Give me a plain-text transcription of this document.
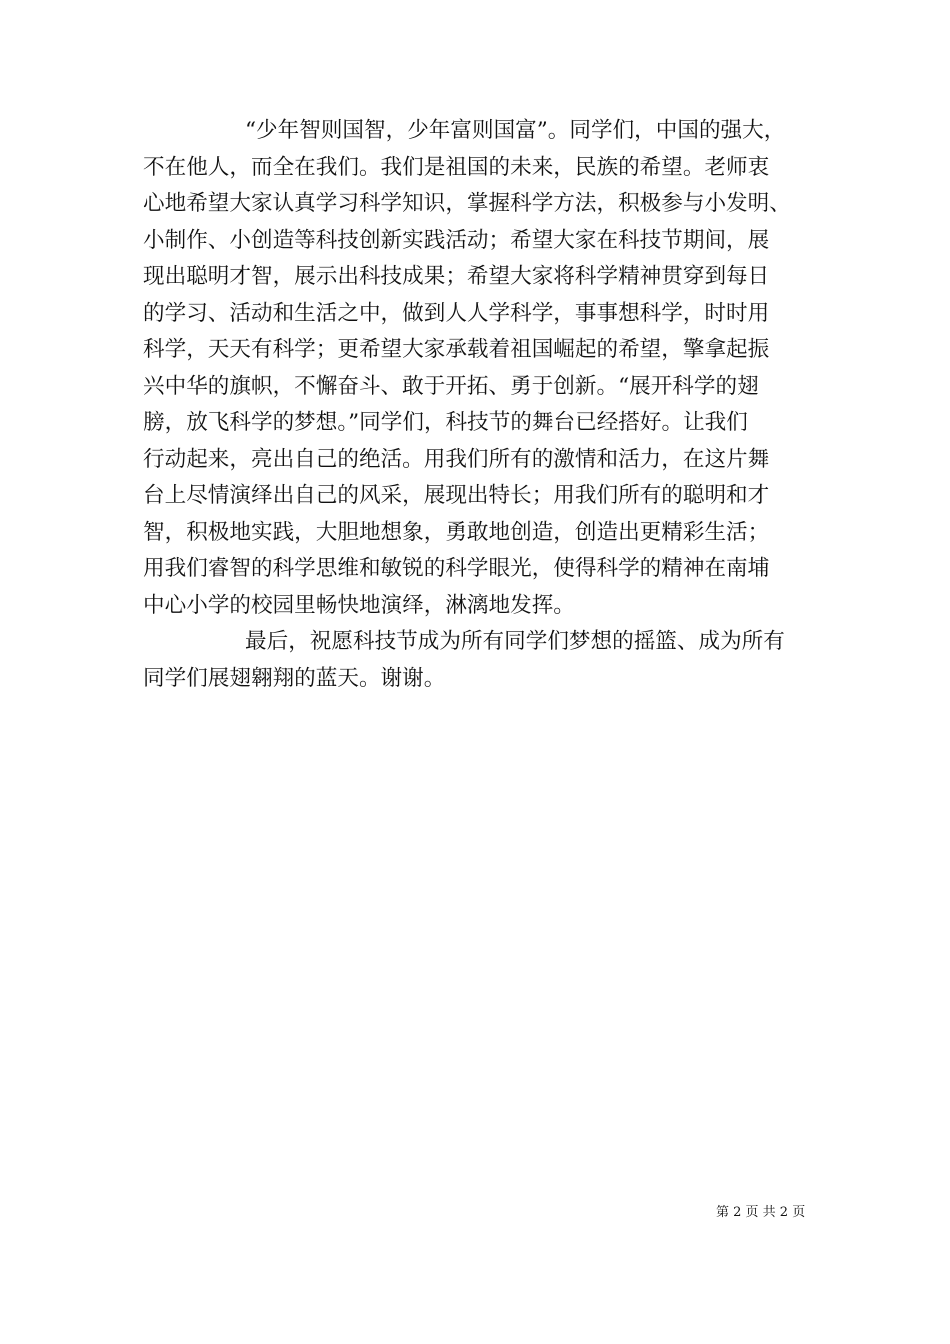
“少年智则国智，少年富则国富”。同学们，中国的强大，
不在他人，而全在我们。我们是祖国的未来，民族的希望。老师衷
心地希望大家认真学习科学知识，掌握科学方法，积极参与小发明、
小制作、小创造等科技创新实践活动；希望大家在科技节期间，展
现出聪明才智，展示出科技成果；希望大家将科学精神贯穿到每日
的学习、活动和生活之中，做到人人学科学，事事想科学，时时用
科学，天天有科学；更希望大家承载着祖国崛起的希望，擎拿起振
兴中华的旗帜，不懈奋斗、敢于开拓、勇于创新。“展开科学的翅
膀，放飞科学的梦想。”同学们，科技节的舞台已经搭好。让我们
行动起来，亮出自己的绝活。用我们所有的激情和活力，在这片舞
台上尽情演绎出自己的风采，展现出特长；用我们所有的聪明和才
智，积极地实践，大胆地想象，勇敢地创造，创造出更精彩生活；
用我们睿智的科学思维和敏锐的科学眼光，使得科学的精神在南埔
中心小学的校园里畅快地演绎，淋漓地发挥。
最后，祝愿科技节成为所有同学们梦想的摇篮、成为所有
同学们展翅翱翔的蓝天。谢谢。
第 2 页 共 2 页
